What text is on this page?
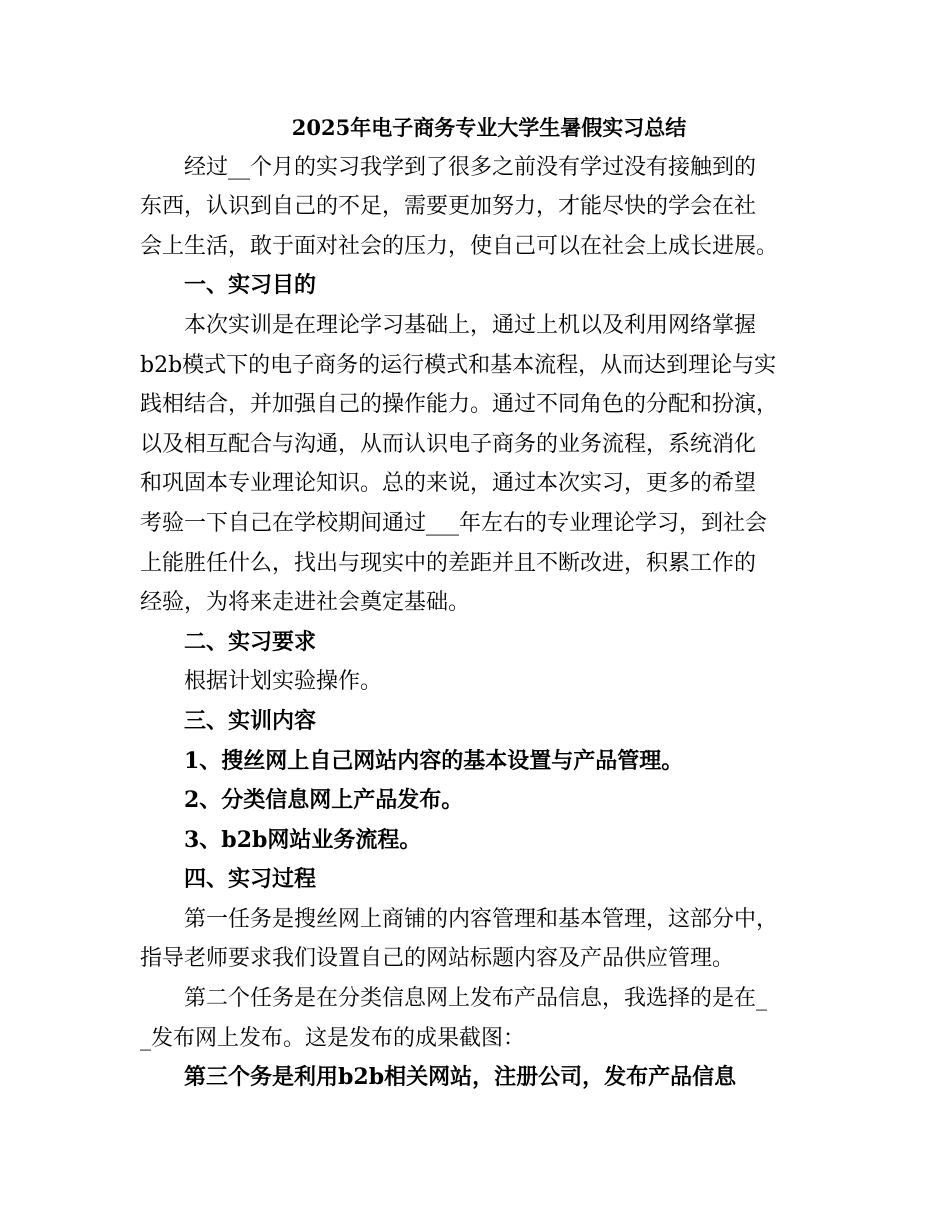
2025年电子商务专业大学生暑假实习总结

经过__个月的实习我学到了很多之前没有学过没有接触到的
东西，认识到自己的不足，需要更加努力，才能尽快的学会在社
会上生活，敢于面对社会的压力，使自己可以在社会上成长进展。

一、实习目的

本次实训是在理论学习基础上，通过上机以及利用网络掌握
b2b模式下的电子商务的运行模式和基本流程，从而达到理论与实
践相结合，并加强自己的操作能力。通过不同角色的分配和扮演，
以及相互配合与沟通，从而认识电子商务的业务流程，系统消化
和巩固本专业理论知识。总的来说，通过本次实习，更多的希望
考验一下自己在学校期间通过___年左右的专业理论学习，到社会
上能胜任什么，找出与现实中的差距并且不断改进，积累工作的
经验，为将来走进社会奠定基础。

二、实习要求

根据计划实验操作。

三、实训内容

1、搜丝网上自己网站内容的基本设置与产品管理。

2、分类信息网上产品发布。

3、b2b网站业务流程。

四、实习过程

第一任务是搜丝网上商铺的内容管理和基本管理，这部分中，
指导老师要求我们设置自己的网站标题内容及产品供应管理。

第二个任务是在分类信息网上发布产品信息，我选择的是在_
_发布网上发布。这是发布的成果截图：

第三个务是利用b2b相关网站，注册公司，发布产品信息
